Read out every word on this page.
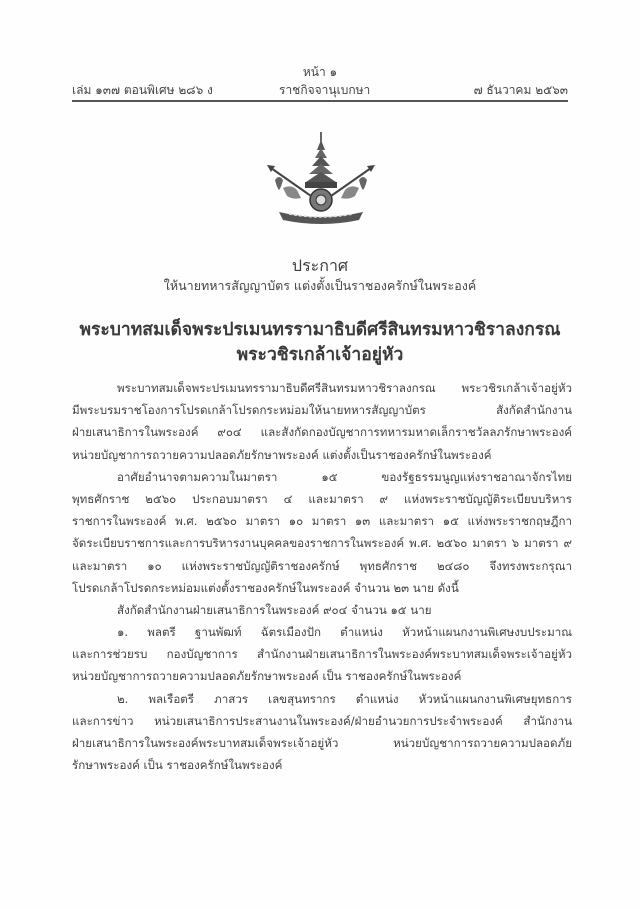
หน้า ๑
เล่ม ๑๓๗ ตอนพิเศษ ๒๘๖ ง	ราชกิจจานุเบกษา	๗ ธันวาคม ๒๕๖๓
ประกาศ
ให้นายทหารสัญญาบัตร แต่งตั้งเป็นราชองครักษ์ในพระองค์
พระบาทสมเด็จพระปรเมนทรรามาธิบดีศรีสินทรมหาวชิราลงกรณ
พระวชิรเกล้าเจ้าอยู่หัว
พระบาทสมเด็จพระปรเมนทรรามาธิบดีศรีสินทรมหาวชิราลงกรณ พระวชิรเกล้าเจ้าอยู่หัว
มีพระบรมราชโองการโปรดเกล้าโปรดกระหม่อมให้นายทหารสัญญาบัตร สังกัดสำนักงาน
ฝ่ายเสนาธิการในพระองค์ ๙๐๔ และสังกัดกองบัญชาการทหารมหาดเล็กราชวัลลภรักษาพระองค์
หน่วยบัญชาการถวายความปลอดภัยรักษาพระองค์ แต่งตั้งเป็นราชองครักษ์ในพระองค์
อาศัยอำนาจตามความในมาตรา ๑๕ ของรัฐธรรมนูญแห่งราชอาณาจักรไทย
พุทธศักราช ๒๕๖๐ ประกอบมาตรา ๔ และมาตรา ๙ แห่งพระราชบัญญัติระเบียบบริหาร
ราชการในพระองค์ พ.ศ. ๒๕๖๐ มาตรา ๑๐ มาตรา ๑๓ และมาตรา ๑๕ แห่งพระราชกฤษฎีกา
จัดระเบียบราชการและการบริหารงานบุคคลของราชการในพระองค์ พ.ศ. ๒๕๖๐ มาตรา ๖ มาตรา ๙
และมาตรา ๑๐ แห่งพระราชบัญญัติราชองครักษ์ พุทธศักราช ๒๔๘๐ จึงทรงพระกรุณา
โปรดเกล้าโปรดกระหม่อมแต่งตั้งราชองครักษ์ในพระองค์ จำนวน ๒๓ นาย ดังนี้
สังกัดสำนักงานฝ่ายเสนาธิการในพระองค์ ๙๐๔ จำนวน ๑๕ นาย
๑. พลตรี ฐานพัฒท์ ฉัตรเมืองปัก ตำแหน่ง หัวหน้าแผนกงานพิเศษงบประมาณ
และการช่วยรบ กองบัญชาการ สำนักงานฝ่ายเสนาธิการในพระองค์พระบาทสมเด็จพระเจ้าอยู่หัว
หน่วยบัญชาการถวายความปลอดภัยรักษาพระองค์ เป็น ราชองครักษ์ในพระองค์
๒. พลเรือตรี ภาสวร เลขสุนทรากร ตำแหน่ง หัวหน้าแผนกงานพิเศษยุทธการ
และการข่าว หน่วยเสนาธิการประสานงานในพระองค์/ฝ่ายอำนวยการประจำพระองค์ สำนักงาน
ฝ่ายเสนาธิการในพระองค์พระบาทสมเด็จพระเจ้าอยู่หัว หน่วยบัญชาการถวายความปลอดภัย
รักษาพระองค์ เป็น ราชองครักษ์ในพระองค์
